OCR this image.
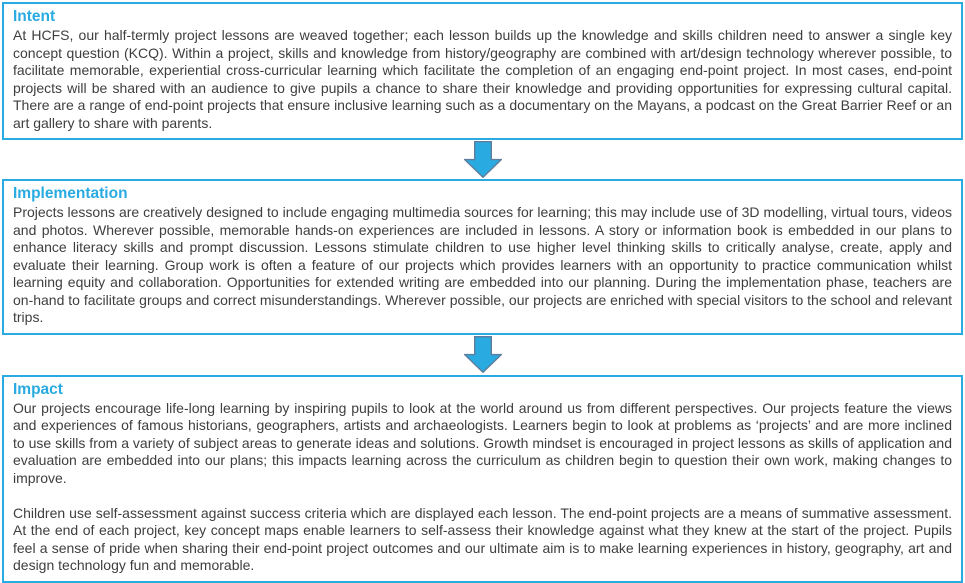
Intent

At HCFS, our half-termly project lessons are weaved together; each lesson builds up the knowledge and skills children need to answer a single key concept question (KCQ). Within a project, skills and knowledge from history/geography are combined with art/design technology wherever possible, to facilitate memorable, experiential cross-curricular learning which facilitate the completion of an engaging end-point project. In most cases, end-point projects will be shared with an audience to give pupils a chance to share their knowledge and providing opportunities for expressing cultural capital. There are a range of end-point projects that ensure inclusive learning such as a documentary on the Mayans, a podcast on the Great Barrier Reef or an art gallery to share with parents.

Implementation

Projects lessons are creatively designed to include engaging multimedia sources for learning; this may include use of 3D modelling, virtual tours, videos and photos. Wherever possible, memorable hands-on experiences are included in lessons. A story or information book is embedded in our plans to enhance literacy skills and prompt discussion. Lessons stimulate children to use higher level thinking skills to critically analyse, create, apply and evaluate their learning. Group work is often a feature of our projects which provides learners with an opportunity to practice communication whilst learning equity and collaboration. Opportunities for extended writing are embedded into our planning. During the implementation phase, teachers are on-hand to facilitate groups and correct misunderstandings. Wherever possible, our projects are enriched with special visitors to the school and relevant trips.

Impact

Our projects encourage life-long learning by inspiring pupils to look at the world around us from different perspectives. Our projects feature the views and experiences of famous historians, geographers, artists and archaeologists. Learners begin to look at problems as ‘projects’ and are more inclined to use skills from a variety of subject areas to generate ideas and solutions. Growth mindset is encouraged in project lessons as skills of application and evaluation are embedded into our plans; this impacts learning across the curriculum as children begin to question their own work, making changes to improve.

Children use self-assessment against success criteria which are displayed each lesson. The end-point projects are a means of summative assessment. At the end of each project, key concept maps enable learners to self-assess their knowledge against what they knew at the start of the project. Pupils feel a sense of pride when sharing their end-point project outcomes and our ultimate aim is to make learning experiences in history, geography, art and design technology fun and memorable.
